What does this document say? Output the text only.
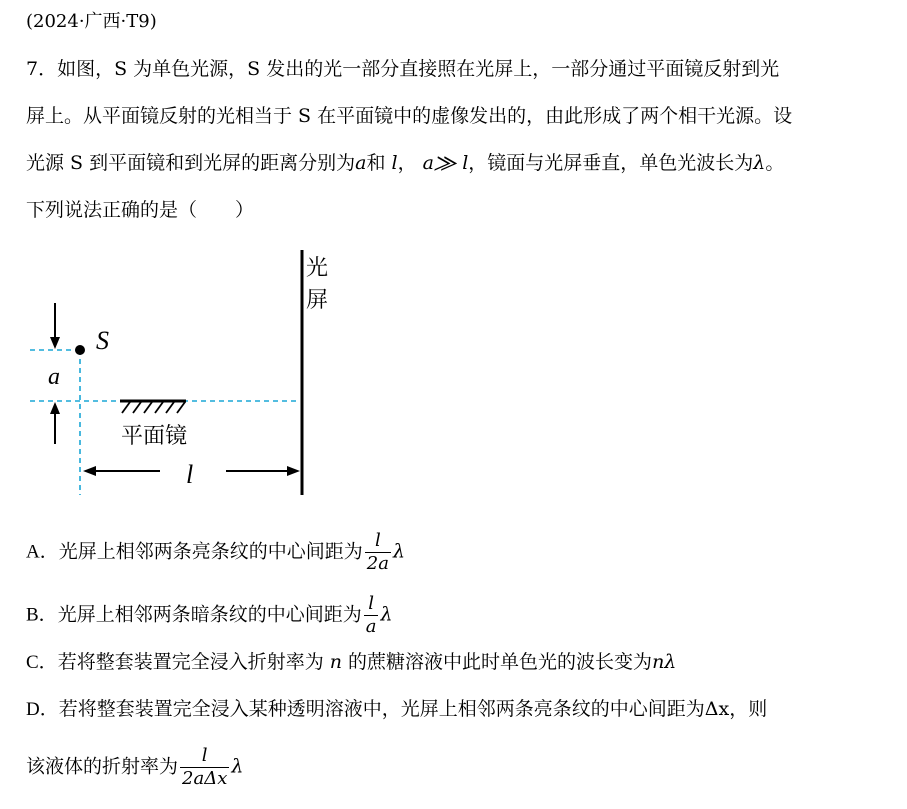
(2024·广西·T9)
7．如图，S 为单色光源，S 发出的光一部分直接照在光屏上，一部分通过平面镜反射到光
屏上。从平面镜反射的光相当于 S 在平面镜中的虚像发出的，由此形成了两个相干光源。设
光源 S 到平面镜和到光屏的距离分别为a和 l， a⨠ l，镜面与光屏垂直，单色光波长为λ。
下列说法正确的是（　　）
光
屏
S
a
平面镜
l
A．光屏上相邻两条亮条纹的中心间距为 $\frac{l}{2a}$ λ
B．光屏上相邻两条暗条纹的中心间距为 $\frac{l}{a}$ λ
C．若将整套装置完全浸入折射率为 n 的蔗糖溶液中此时单色光的波长变为nλ
D．若将整套装置完全浸入某种透明溶液中，光屏上相邻两条亮条纹的中心间距为Δx，则
该液体的折射率为 $\frac{l}{\text{2aΔx}}$ λ
